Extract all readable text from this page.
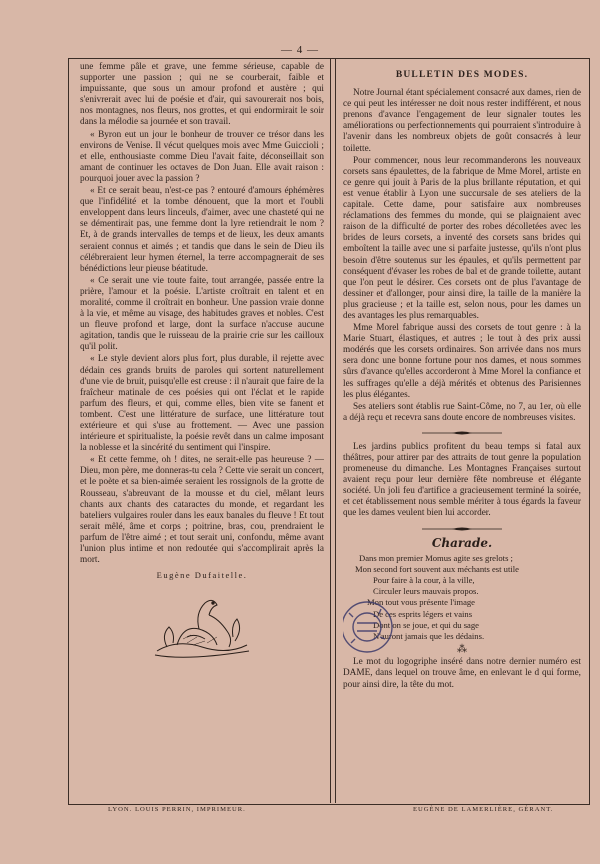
— 4 —

une femme pâle et grave, une femme sérieuse, capable de supporter une passion ; qui ne se courberait, faible et impuissante, que sous un amour profond et austère ; qui s'enivrerait avec lui de poésie et d'air, qui savourerait nos bois, nos montagnes, nos fleurs, nos grottes, et qui endormirait le soir dans la mélodie sa journée et son travail.

« Byron eut un jour le bonheur de trouver ce trésor dans les environs de Venise. Il vécut quelques mois avec Mme Guiccioli ; et elle, enthousiaste comme Dieu l'avait faite, déconseillait son amant de continuer les octaves de Don Juan. Elle avait raison : pourquoi jouer avec la passion ?

« Et ce serait beau, n'est-ce pas ? entouré d'amours éphémères que l'infidélité et la tombe dénouent, que la mort et l'oubli enveloppent dans leurs linceuls, d'aimer, avec une chasteté qui ne se démentirait pas, une femme dont la lyre retiendrait le nom ? Et, à de grands intervalles de temps et de lieux, les deux amants seraient connus et aimés ; et tandis que dans le sein de Dieu ils célébreraient leur hymen éternel, la terre accompagnerait de ses bénédictions leur pieuse béatitude.

« Ce serait une vie toute faite, tout arrangée, passée entre la prière, l'amour et la poésie. L'artiste croîtrait en talent et en moralité, comme il croîtrait en bonheur. Une passion vraie donne à la vie, et même au visage, des habitudes graves et nobles. C'est un fleuve profond et large, dont la surface n'accuse aucune agitation, tandis que le ruisseau de la prairie crie sur les cailloux qu'il polit.

« Le style devient alors plus fort, plus durable, il rejette avec dédain ces grands bruits de paroles qui sortent naturellement d'une vie de bruit, puisqu'elle est creuse : il n'aurait que faire de la fraîcheur matinale de ces poésies qui ont l'éclat et le rapide parfum des fleurs, et qui, comme elles, bien vite se fanent et tombent. C'est une littérature de surface, une littérature tout extérieure et qui s'use au frottement. — Avec une passion intérieure et spiritualiste, la poésie revêt dans un calme imposant la noblesse et la sincérité du sentiment qui l'inspire.

« Et cette femme, oh ! dites, ne serait-elle pas heureuse ? — Dieu, mon père, me donneras-tu cela ? Cette vie serait un concert, et le poète et sa bien-aimée seraient les rossignols de la grotte de Rousseau, s'abreuvant de la mousse et du ciel, mêlant leurs chants aux chants des cataractes du monde, et regardant les bateliers vulgaires rouler dans les eaux banales du fleuve ! Et tout serait mêlé, âme et corps ; poitrine, bras, cou, prendraient le parfum de l'être aimé ; et tout serait uni, confondu, même avant l'union plus intime et non redoutée qui s'accomplirait après la mort.

Eugène Dufaitelle.
BULLETIN DES MODES.

Notre Journal étant spécialement consacré aux dames, rien de ce qui peut les intéresser ne doit nous rester indifférent, et nous prenons d'avance l'engagement de leur signaler toutes les améliorations ou perfectionnements qui pourraient s'introduire à l'avenir dans les nombreux objets de goût consacrés à leur toilette.

Pour commencer, nous leur recommanderons les nouveaux corsets sans épaulettes, de la fabrique de Mme Morel, artiste en ce genre qui jouit à Paris de la plus brillante réputation, et qui est venue établir à Lyon une succursale de ses ateliers de la capitale. Cette dame, pour satisfaire aux nombreuses réclamations des femmes du monde, qui se plaignaient avec raison de la difficulté de porter des robes décolletées avec les brides de leurs corsets, a inventé des corsets sans brides qui emboîtent la taille avec une si parfaite justesse, qu'ils n'ont plus besoin d'être soutenus sur les épaules, et qu'ils permettent par conséquent d'évaser les robes de bal et de grande toilette, autant que l'on peut le désirer. Ces corsets ont de plus l'avantage de dessiner et d'allonger, pour ainsi dire, la taille de la manière la plus gracieuse ; et la taille est, selon nous, pour les dames un des avantages les plus remarquables.

Mme Morel fabrique aussi des corsets de tout genre : à la Marie Stuart, élastiques, et autres ; le tout à des prix aussi modérés que les corsets ordinaires. Son arrivée dans nos murs sera donc une bonne fortune pour nos dames, et nous sommes sûrs d'avance qu'elles accorderont à Mme Morel la confiance et les suffrages qu'elle a déjà mérités et obtenus des Parisiennes les plus élégantes.

Ses ateliers sont établis rue Saint-Côme, no 7, au 1er, où elle a déjà reçu et recevra sans doute encore de nombreuses visites.

Les jardins publics profitent du beau temps si fatal aux théâtres, pour attirer par des attraits de tout genre la population promeneuse du dimanche. Les Montagnes Françaises surtout avaient reçu pour leur dernière fête nombreuse et élégante société. Un joli feu d'artifice a gracieusement terminé la soirée, et cet établissement nous semble mériter à tous égards la faveur que les dames veulent bien lui accorder.

Charade.
Dans mon premier Momus agite ses grelots ;
Mon second fort souvent aux méchants est utile
Pour faire à la cour, à la ville,
Circuler leurs mauvais propos.
Mon tout vous présente l'image
De ces esprits légers et vains
Dont on se joue, et qui du sage
N'auront jamais que les dédains.
⁂

Le mot du logogriphe inséré dans notre dernier numéro est DAME, dans lequel on trouve âme, en enlevant le d qui forme, pour ainsi dire, la tête du mot.

LYON. LOUIS PERRIN, IMPRIMEUR.	EUGÈNE DE LAMERLIÈRE, GÉRANT.
